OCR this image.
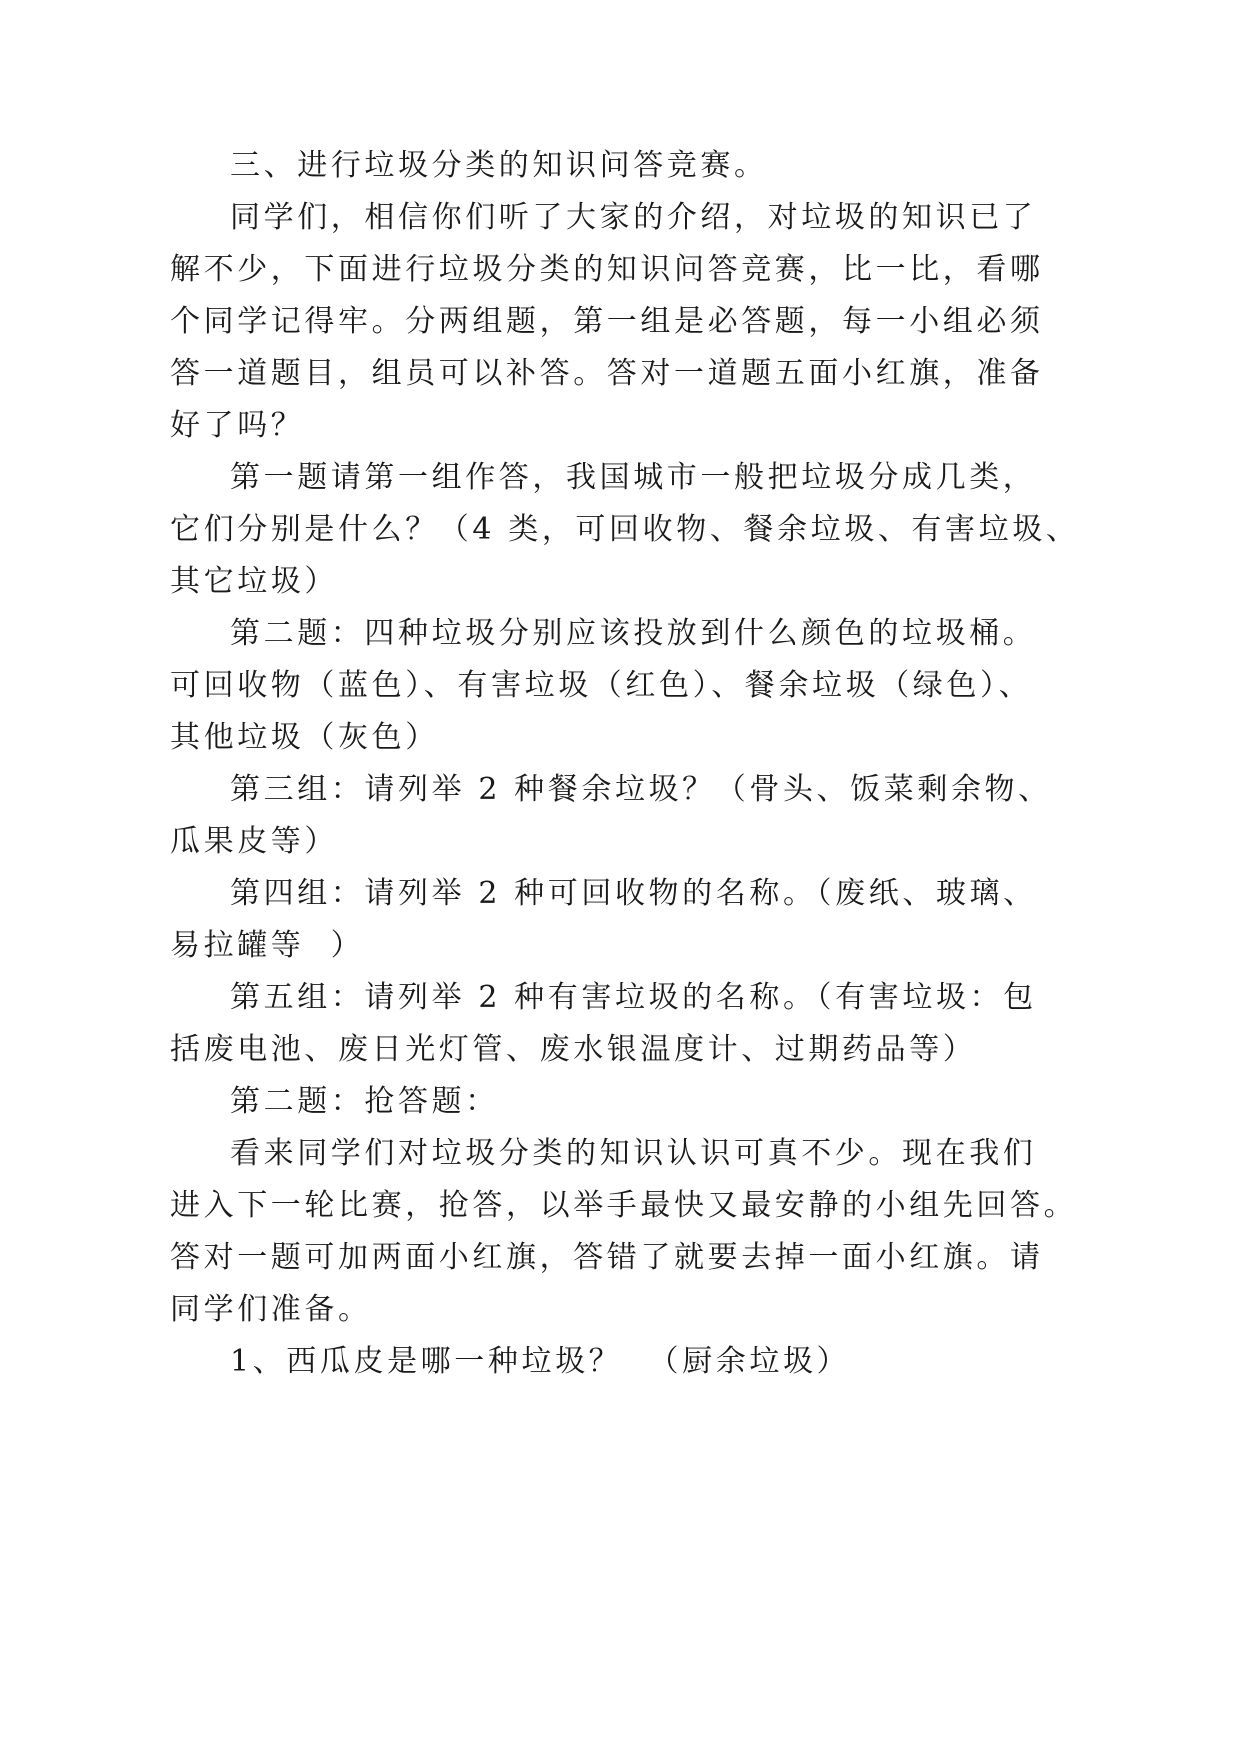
三、进行垃圾分类的知识问答竞赛。
同学们，相信你们听了大家的介绍，对垃圾的知识已了
解不少，下面进行垃圾分类的知识问答竞赛，比一比，看哪
个同学记得牢。分两组题，第一组是必答题，每一小组必须
答一道题目，组员可以补答。答对一道题五面小红旗，准备
好了吗？
第一题请第一组作答，我国城市一般把垃圾分成几类，
它们分别是什么？（4 类，可回收物、餐余垃圾、有害垃圾、
其它垃圾）
第二题：四种垃圾分别应该投放到什么颜色的垃圾桶。
可回收物（蓝色）、有害垃圾（红色）、餐余垃圾（绿色）、
其他垃圾（灰色）
第三组：请列举 2 种餐余垃圾？（骨头、饭菜剩余物、
瓜果皮等）
第四组：请列举 2 种可回收物的名称。（废纸、玻璃、
易拉罐等  ）
第五组：请列举 2 种有害垃圾的名称。（有害垃圾：包
括废电池、废日光灯管、废水银温度计、过期药品等）
第二题：抢答题：
看来同学们对垃圾分类的知识认识可真不少。现在我们
进入下一轮比赛，抢答，以举手最快又最安静的小组先回答。
答对一题可加两面小红旗，答错了就要去掉一面小红旗。请
同学们准备。
1、西瓜皮是哪一种垃圾？  （厨余垃圾）
